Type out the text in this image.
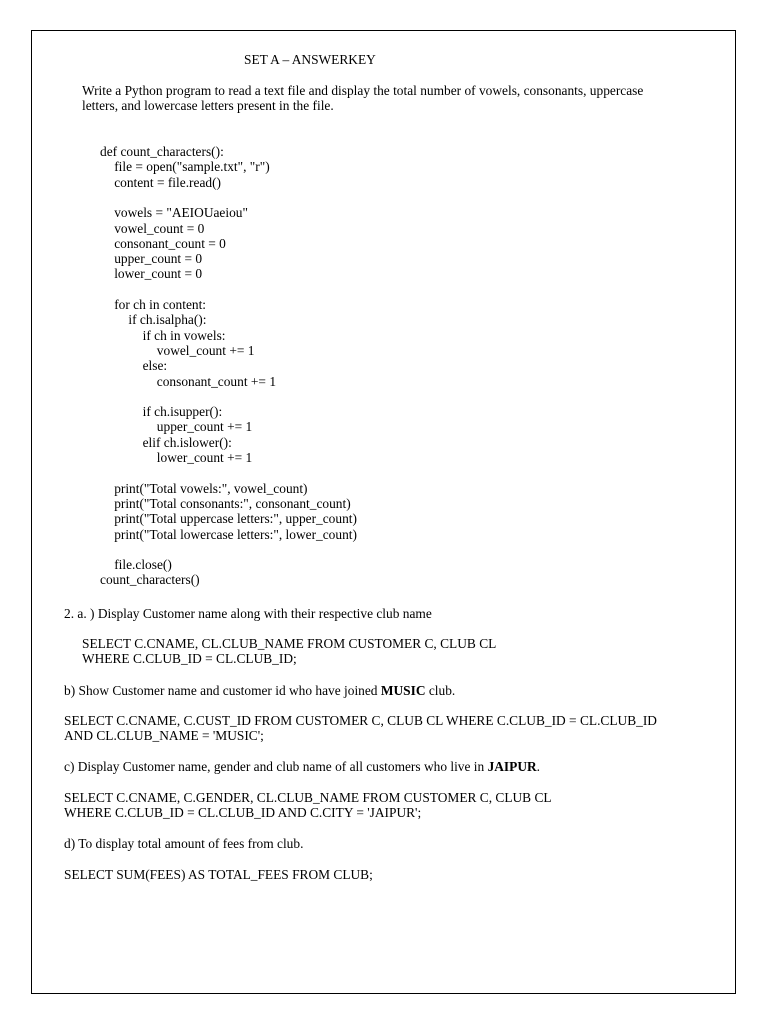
SET A – ANSWERKEY
Write a Python program to read a text file and display the total number of vowels, consonants, uppercase
letters, and lowercase letters present in the file.
def count_characters():
file = open("sample.txt", "r")
content = file.read()
vowels = "AEIOUaeiou"
vowel_count = 0
consonant_count = 0
upper_count = 0
lower_count = 0
for ch in content:
if ch.isalpha():
if ch in vowels:
vowel_count += 1
else:
consonant_count += 1
if ch.isupper():
upper_count += 1
elif ch.islower():
lower_count += 1
print("Total vowels:", vowel_count)
print("Total consonants:", consonant_count)
print("Total uppercase letters:", upper_count)
print("Total lowercase letters:", lower_count)
file.close()
count_characters()
2. a. ) Display Customer name along with their respective club name
SELECT C.CNAME, CL.CLUB_NAME FROM CUSTOMER C, CLUB CL
WHERE C.CLUB_ID = CL.CLUB_ID;
b) Show Customer name and customer id who have joined MUSIC club.
SELECT C.CNAME, C.CUST_ID FROM CUSTOMER C, CLUB CL WHERE C.CLUB_ID = CL.CLUB_ID
AND CL.CLUB_NAME = 'MUSIC';
c) Display Customer name, gender and club name of all customers who live in JAIPUR.
SELECT C.CNAME, C.GENDER, CL.CLUB_NAME FROM CUSTOMER C, CLUB CL
WHERE C.CLUB_ID = CL.CLUB_ID AND C.CITY = 'JAIPUR';
d) To display total amount of fees from club.
SELECT SUM(FEES) AS TOTAL_FEES FROM CLUB;
